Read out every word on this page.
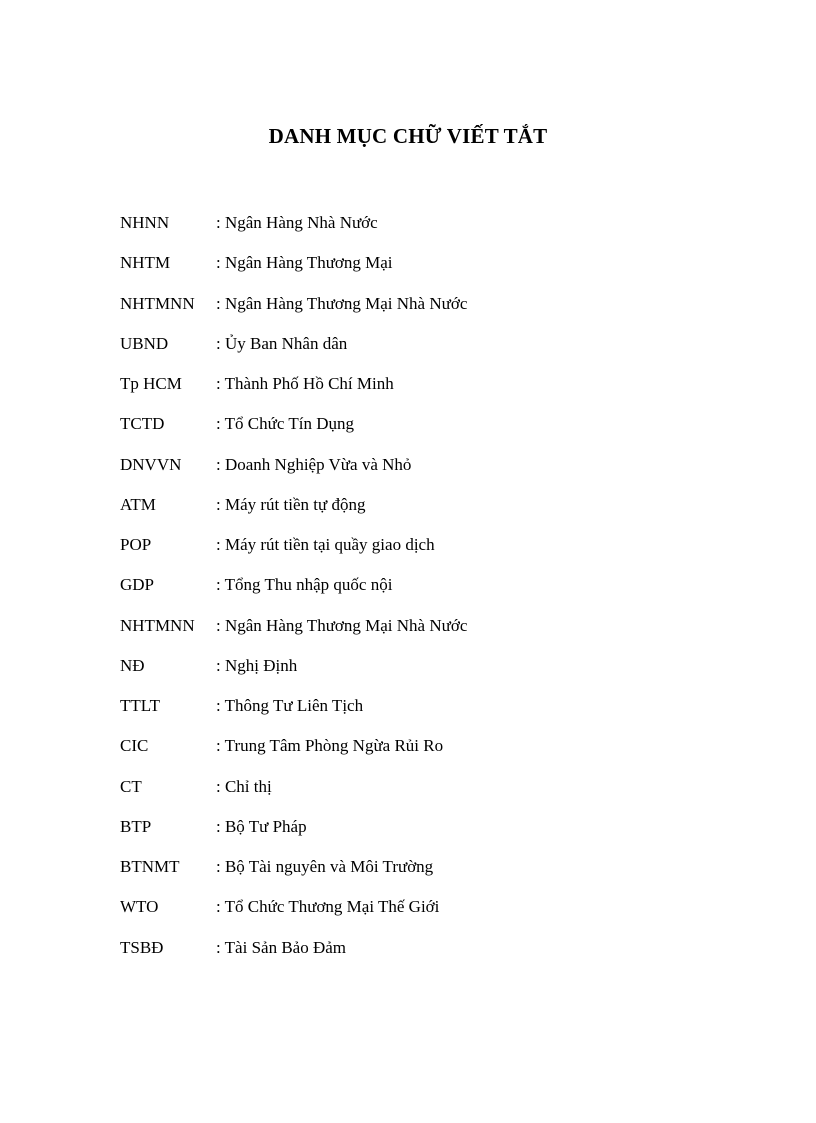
DANH MỤC CHỮ VIẾT TẮT
NHNN	: Ngân Hàng Nhà Nước
NHTM	: Ngân Hàng Thương Mại
NHTMNN	: Ngân Hàng Thương Mại Nhà Nước
UBND	: Ủy Ban Nhân dân
Tp HCM	: Thành Phố Hồ Chí Minh
TCTD	: Tổ Chức Tín Dụng
DNVVN	: Doanh Nghiệp Vừa và Nhỏ
ATM	: Máy rút tiền tự động
POP	: Máy rút tiền tại quầy giao dịch
GDP	: Tổng Thu nhập quốc nội
NHTMNN	: Ngân Hàng Thương Mại Nhà Nước
NĐ	: Nghị Định
TTLT	: Thông Tư Liên Tịch
CIC	: Trung Tâm Phòng Ngừa Rủi Ro
CT	: Chỉ thị
BTP	: Bộ Tư Pháp
BTNMT	: Bộ Tài nguyên và Môi Trường
WTO	: Tổ Chức Thương Mại Thế Giới
TSBĐ	: Tài Sản Bảo Đảm
